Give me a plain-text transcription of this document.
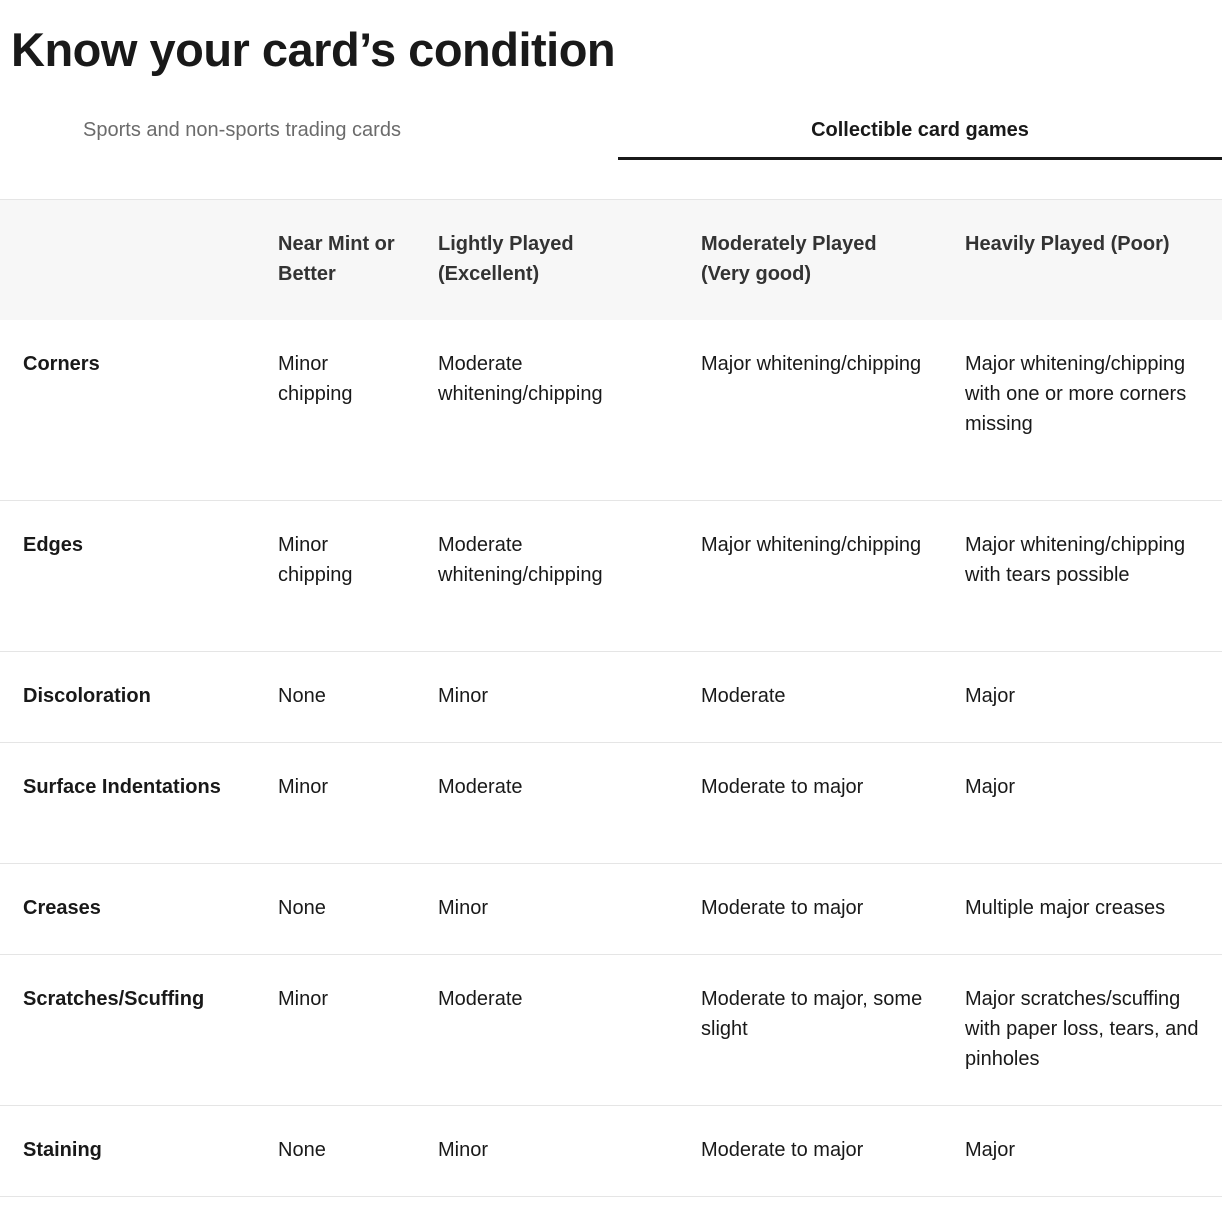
Know your card’s condition
Sports and non-sports trading cards	Collectible card games
	Near Mint or Better	Lightly Played (Excellent)	Moderately Played (Very good)	Heavily Played (Poor)
Corners	Minor chipping	Moderate whitening/chipping	Major whitening/chipping	Major whitening/chipping with one or more corners missing
Edges	Minor chipping	Moderate whitening/chipping	Major whitening/chipping	Major whitening/chipping with tears possible
Discoloration	None	Minor	Moderate	Major
Surface Indentations	Minor	Moderate	Moderate to major	Major
Creases	None	Minor	Moderate to major	Multiple major creases
Scratches/Scuffing	Minor	Moderate	Moderate to major, some slight	Major scratches/scuffing with paper loss, tears, and pinholes
Staining	None	Minor	Moderate to major	Major
